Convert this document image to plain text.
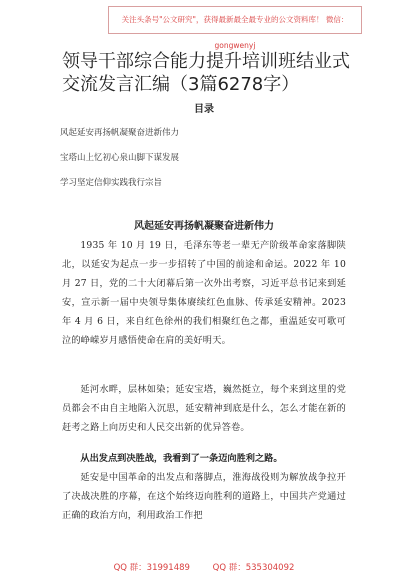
关注头条号"公文研究"，获得最新最全最专业的公文资料库！ 微信：gongwenyj
领导干部综合能力提升培训班结业式交流发言汇编（3篇6278字）
目录
风起延安再扬帆凝聚奋进新伟力
宝塔山上忆初心泉山脚下谋发展
学习坚定信仰实践我行宗旨
风起延安再扬帆凝聚奋进新伟力
1935 年 10 月 19 日，毛泽东等老一辈无产阶级革命家落脚陕北，以延安为起点一步一步招转了中国的前途和命运。2022 年 10 月 27 日，党的二十大闭幕后第一次外出考察，习近平总书记来到延安，宣示新一届中央领导集体赓续红色血脉、传承延安精神。2023 年 4 月 6 日，来自红色徐州的我们相聚红色之都，重温延安可歌可泣的峥嵘岁月感悟使命在肩的美好明天。
延河水畔，层林如染；延安宝塔，巍然挺立，每个来到这里的党员都会不由自主地陷入沉思，延安精神到底是什么，怎么才能在新的赶考之路上向历史和人民交出新的优异答卷。
从出发点到决胜战，我看到了一条迈向胜利之路。
延安是中国革命的出发点和落脚点，淮海战役则为解放战争拉开了决战决胜的序幕，在这个始终迈向胜利的道路上，中国共产党通过正确的政治方向，利用政治工作把
QQ 群：31991489	QQ 群：535304092
